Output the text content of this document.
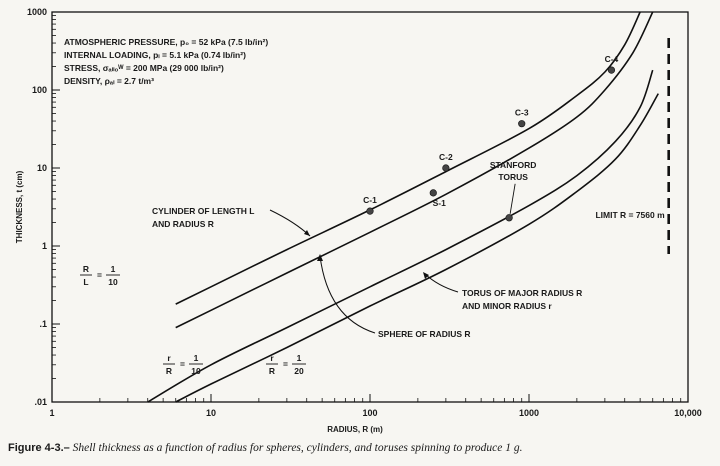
1	10	100	1000	10,000
1000
100
10
1
.1
.01
LIMIT R = 7560 m
C-1
C-2
C-3
C-4
S-1
STANFORD
TORUS
ATMOSPHERIC PRESSURE, p₀ = 52 kPa (7.5 lb/in²)
INTERNAL LOADING, pₗ = 5.1 kPa (0.74 lb/in²)
STRESS, σₐₗₗₒᵂ = 200 MPa (29 000 lb/in²)
DENSITY, ρₐₗ = 2.7 t/m³
RADIUS, R (m)
THICKNESS, t (cm)	CYLINDER OF LENGTH L
AND RADIUS R
SPHERE OF RADIUS R
TORUS OF MAJOR RADIUS R
AND MINOR RADIUS r
R
L
=
1
10
r
R
=
1
10
r
R
=
1
20
Figure 4-3.– Shell thickness as a function of radius for spheres, cylinders, and toruses spinning to produce 1 g.
